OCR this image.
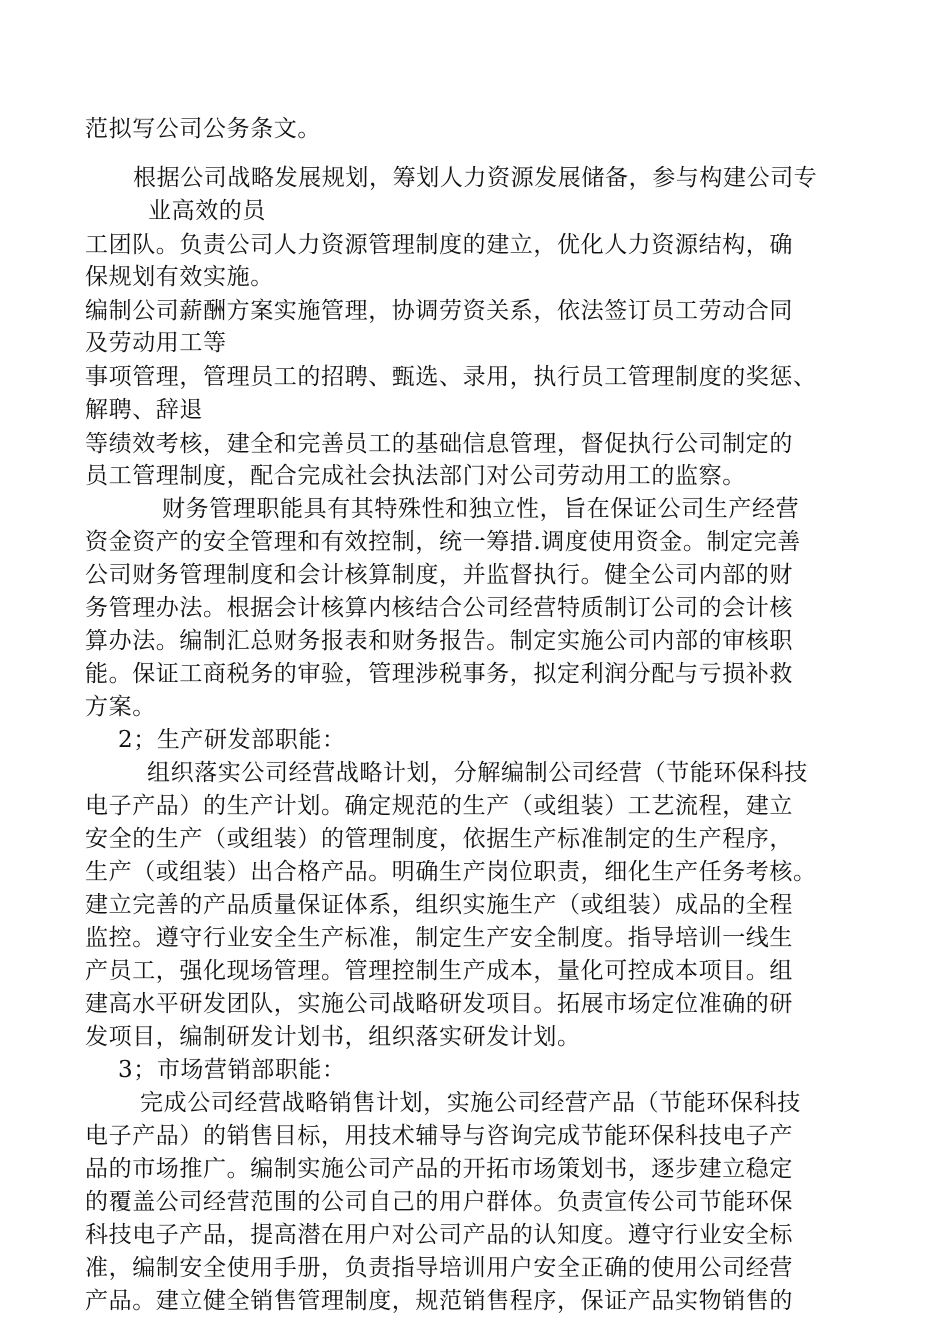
范拟写公司公务条文。

根据公司战略发展规划，筹划人力资源发展储备，参与构建公司专

业高效的员

工团队。负责公司人力资源管理制度的建立，优化人力资源结构，确

保规划有效实施。

编制公司薪酬方案实施管理，协调劳资关系，依法签订员工劳动合同

及劳动用工等

事项管理，管理员工的招聘、甄选、录用，执行员工管理制度的奖惩、

解聘、辞退

等绩效考核，建全和完善员工的基础信息管理，督促执行公司制定的

员工管理制度，配合完成社会执法部门对公司劳动用工的监察。

财务管理职能具有其特殊性和独立性，旨在保证公司生产经营

资金资产的安全管理和有效控制，统一筹措.调度使用资金。制定完善

公司财务管理制度和会计核算制度，并监督执行。健全公司内部的财

务管理办法。根据会计核算内核结合公司经营特质制订公司的会计核

算办法。编制汇总财务报表和财务报告。制定实施公司内部的审核职

能。保证工商税务的审验，管理涉税事务，拟定利润分配与亏损补救

方案。

2；生产研发部职能：

组织落实公司经营战略计划，分解编制公司经营（节能环保科技

电子产品）的生产计划。确定规范的生产（或组装）工艺流程，建立

安全的生产（或组装）的管理制度，依据生产标准制定的生产程序，

生产（或组装）出合格产品。明确生产岗位职责，细化生产任务考核。

建立完善的产品质量保证体系，组织实施生产（或组装）成品的全程

监控。遵守行业安全生产标准，制定生产安全制度。指导培训一线生

产员工，强化现场管理。管理控制生产成本，量化可控成本项目。组

建高水平研发团队，实施公司战略研发项目。拓展市场定位准确的研

发项目，编制研发计划书，组织落实研发计划。

3；市场营销部职能：

完成公司经营战略销售计划，实施公司经营产品（节能环保科技

电子产品）的销售目标，用技术辅导与咨询完成节能环保科技电子产

品的市场推广。编制实施公司产品的开拓市场策划书，逐步建立稳定

的覆盖公司经营范围的公司自己的用户群体。负责宣传公司节能环保

科技电子产品，提高潜在用户对公司产品的认知度。遵守行业安全标

准，编制安全使用手册，负责指导培训用户安全正确的使用公司经营

产品。建立健全销售管理制度，规范销售程序，保证产品实物销售的
